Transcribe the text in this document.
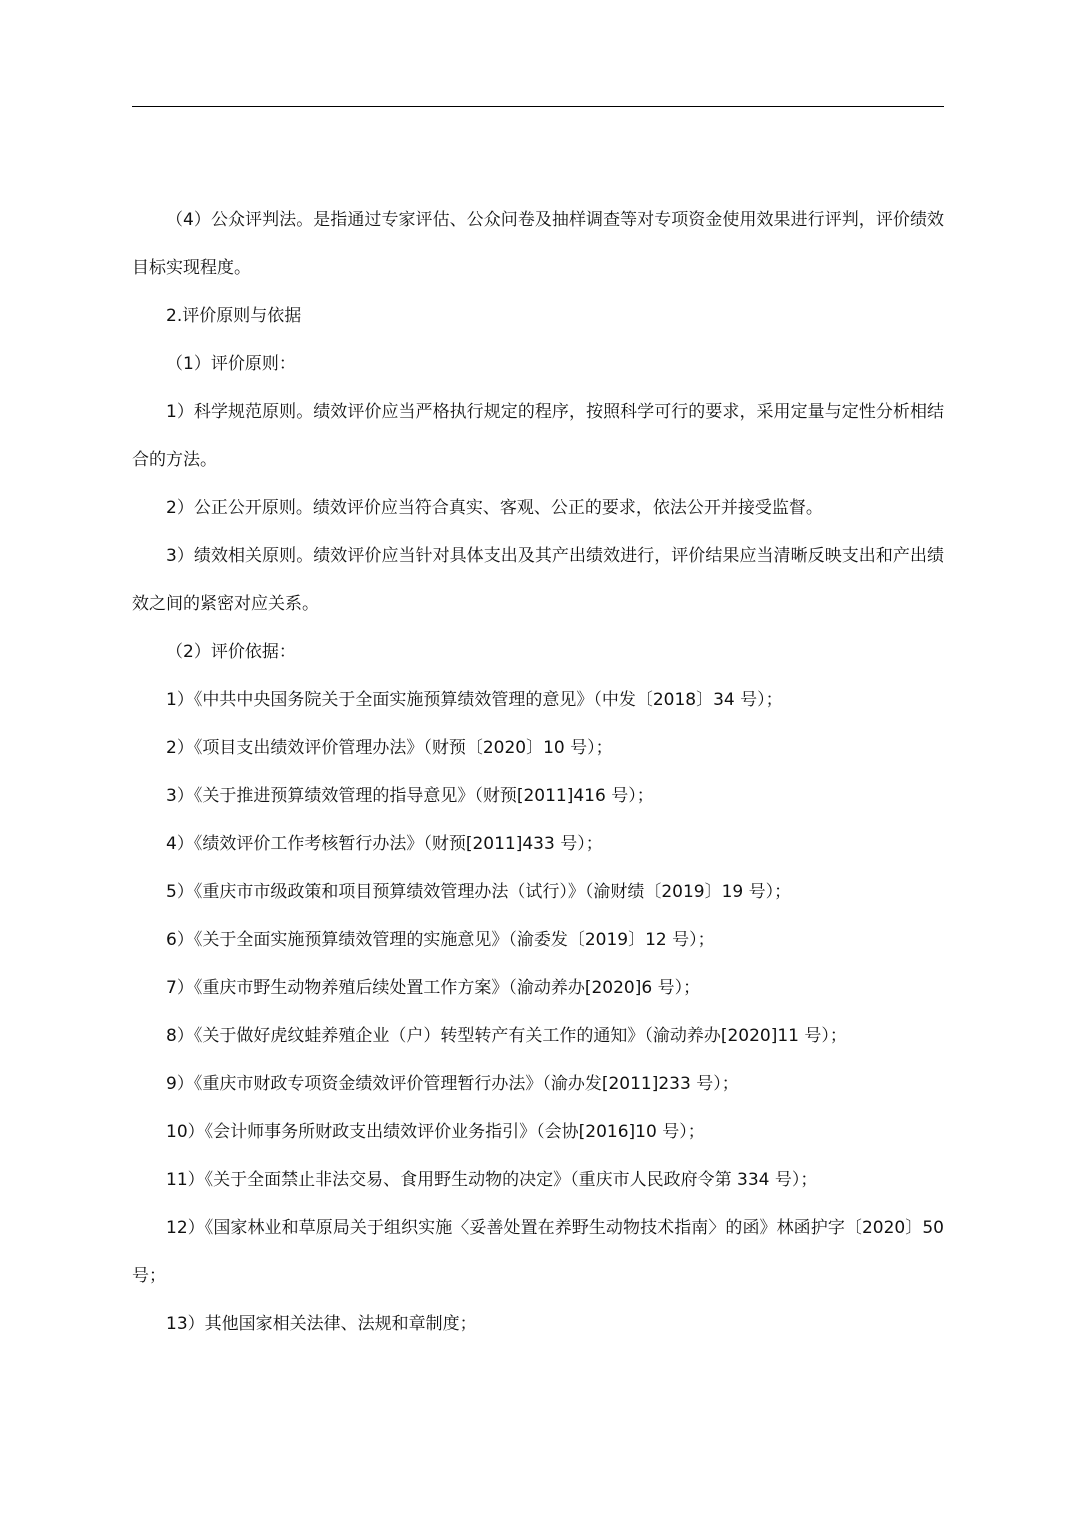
（4）公众评判法。是指通过专家评估、公众问卷及抽样调查等对专项资金使用效果进行评判，评价绩效目标实现程度。

2.评价原则与依据

（1）评价原则：

1）科学规范原则。绩效评价应当严格执行规定的程序，按照科学可行的要求，采用定量与定性分析相结合的方法。

2）公正公开原则。绩效评价应当符合真实、客观、公正的要求，依法公开并接受监督。

3）绩效相关原则。绩效评价应当针对具体支出及其产出绩效进行，评价结果应当清晰反映支出和产出绩效之间的紧密对应关系。

（2）评价依据：

1）《中共中央国务院关于全面实施预算绩效管理的意见》（中发〔2018〕34 号）；

2）《项目支出绩效评价管理办法》（财预〔2020〕10 号）；

3）《关于推进预算绩效管理的指导意见》（财预[2011]416 号）；

4）《绩效评价工作考核暂行办法》（财预[2011]433 号）；

5）《重庆市市级政策和项目预算绩效管理办法（试行）》（渝财绩〔2019〕19 号）；

6）《关于全面实施预算绩效管理的实施意见》（渝委发〔2019〕12 号）；

7）《重庆市野生动物养殖后续处置工作方案》（渝动养办[2020]6 号）；

8）《关于做好虎纹蛙养殖企业（户）转型转产有关工作的通知》（渝动养办[2020]11 号）；

9）《重庆市财政专项资金绩效评价管理暂行办法》（渝办发[2011]233 号）；

10）《会计师事务所财政支出绩效评价业务指引》（会协[2016]10 号）；

11）《关于全面禁止非法交易、食用野生动物的决定》（重庆市人民政府令第 334 号）；

12）《国家林业和草原局关于组织实施〈妥善处置在养野生动物技术指南〉的函》林函护字〔2020〕50 号；

13）其他国家相关法律、法规和章制度；
